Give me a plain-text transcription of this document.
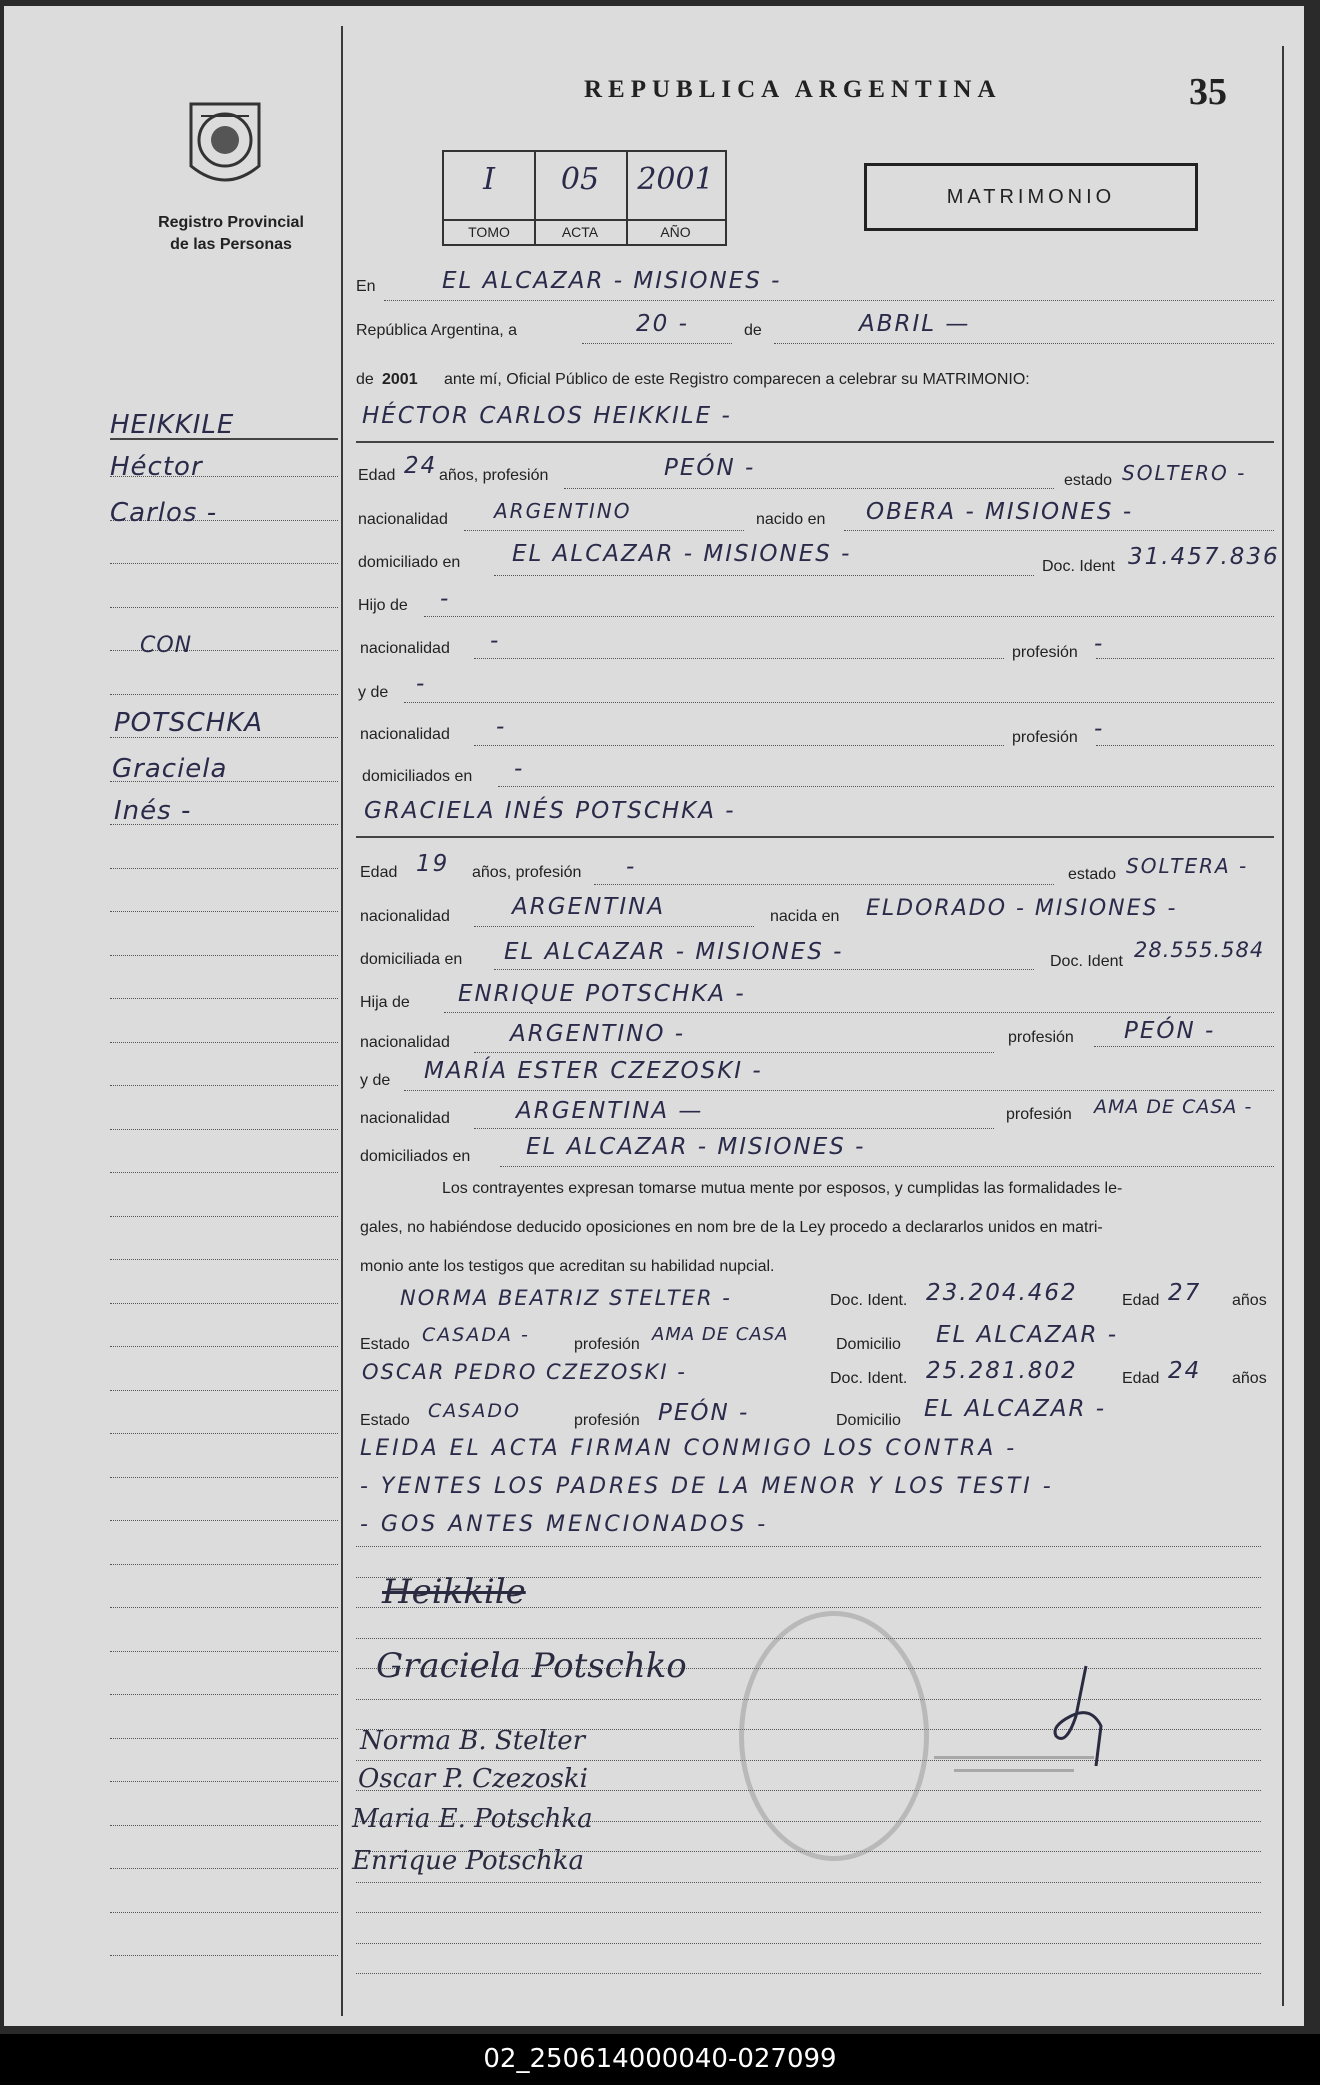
Registro Provincial
de las Personas
REPUBLICA ARGENTINA	35
I
TOMO
05
ACTA
2001
AÑO
MATRIMONIO
HEIKKILE
Héctor
Carlos -
CON
POTSCHKA
Graciela
Inés -
En	EL ALCAZAR - MISIONES -
República Argentina, a	20 -	de	ABRIL —
de 2001 ante mí, Oficial Público de este Registro comparecen a celebrar su MATRIMONIO:
HÉCTOR CARLOS HEIKKILE -
Edad 24 años, profesión	PEÓN -	estado SOLTERO -
nacionalidad ARGENTINO	nacido en OBERA - MISIONES -
domiciliado en EL ALCAZAR - MISIONES -	Doc. Ident 31.457.836
Hijo de -
nacionalidad -	profesión -
y de -
nacionalidad -	profesión -
domiciliados en -
GRACIELA INÉS POTSCHKA -
Edad 19 años, profesión -	estado SOLTERA -
nacionalidad	ARGENTINA	nacida en ELDORADO - MISIONES -
domiciliada en EL ALCAZAR - MISIONES -	Doc. Ident 28.555.584
Hija de ENRIQUE POTSCHKA -
nacionalidad	ARGENTINO -	profesión PEÓN -
y de MARÍA ESTER CZEZOSKI -
nacionalidad	ARGENTINA —	profesión AMA DE CASA -
domiciliados en EL ALCAZAR - MISIONES -
Los contrayentes expresan tomarse mutua mente por esposos, y cumplidas las formalidades le-
gales, no habiéndose deducido oposiciones en nom bre de la Ley procedo a declararlos unidos en matri-
monio ante los testigos que acreditan su habilidad nupcial.
NORMA BEATRIZ STELTER -	Doc. Ident. 23.204.462	Edad 27 años
Estado CASADA -	profesión AMA DE CASA	Domicilio EL ALCAZAR -
OSCAR PEDRO CZEZOSKI -	Doc. Ident. 25.281.802	Edad 24 años
Estado CASADO	profesión PEÓN -	Domicilio EL ALCAZAR -
LEIDA EL ACTA FIRMAN CONMIGO LOS CONTRA -
- YENTES LOS PADRES DE LA MENOR Y LOS TESTI -
- GOS ANTES MENCIONADOS -
Heikkile
Graciela Potschko
Norma B. Stelter
Oscar P. Czezoski
Maria E. Potschka
Enrique Potschka
02_250614000040-027099
